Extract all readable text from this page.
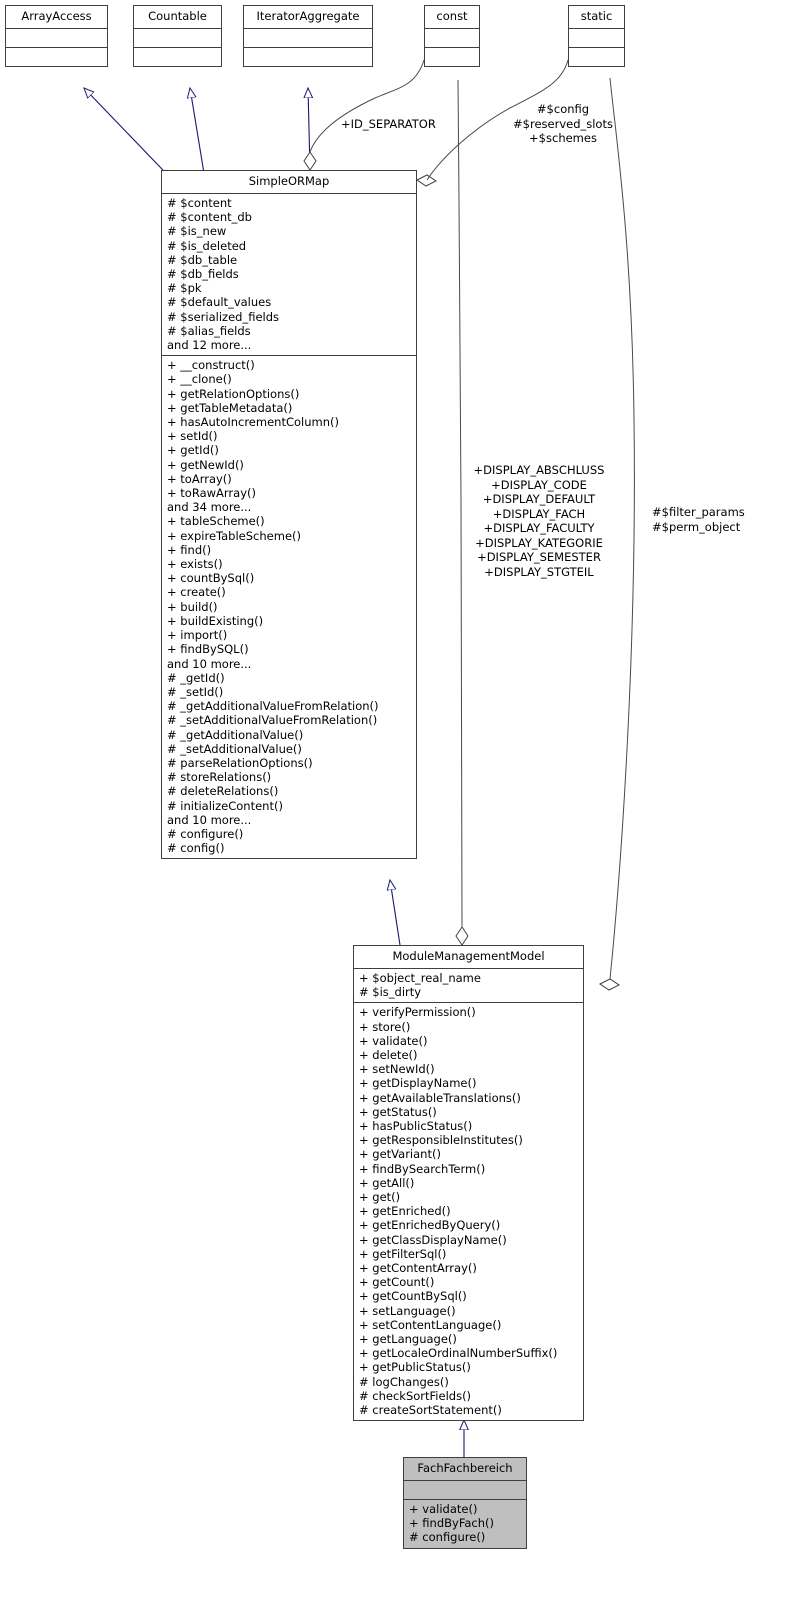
ArrayAccess	Countable	IteratorAggregate	const	static
+ID_SEPARATOR
#$config
#$reserved_slots
+$schemes
+DISPLAY_ABSCHLUSS
+DISPLAY_CODE
+DISPLAY_DEFAULT
+DISPLAY_FACH
+DISPLAY_FACULTY
+DISPLAY_KATEGORIE
+DISPLAY_SEMESTER
+DISPLAY_STGTEIL
#$filter_params
#$perm_object
SimpleORMap
# $content
# $content_db
# $is_new
# $is_deleted
# $db_table
# $db_fields
# $pk
# $default_values
# $serialized_fields
# $alias_fields
and 12 more...
+ __construct()
+ __clone()
+ getRelationOptions()
+ getTableMetadata()
+ hasAutoIncrementColumn()
+ setId()
+ getId()
+ getNewId()
+ toArray()
+ toRawArray()
and 34 more...
+ tableScheme()
+ expireTableScheme()
+ find()
+ exists()
+ countBySql()
+ create()
+ build()
+ buildExisting()
+ import()
+ findBySQL()
and 10 more...
# _getId()
# _setId()
# _getAdditionalValueFromRelation()
# _setAdditionalValueFromRelation()
# _getAdditionalValue()
# _setAdditionalValue()
# parseRelationOptions()
# storeRelations()
# deleteRelations()
# initializeContent()
and 10 more...
# configure()
# config()
ModuleManagementModel
+ $object_real_name
# $is_dirty
+ verifyPermission()
+ store()
+ validate()
+ delete()
+ setNewId()
+ getDisplayName()
+ getAvailableTranslations()
+ getStatus()
+ hasPublicStatus()
+ getResponsibleInstitutes()
+ getVariant()
+ findBySearchTerm()
+ getAll()
+ get()
+ getEnriched()
+ getEnrichedByQuery()
+ getClassDisplayName()
+ getFilterSql()
+ getContentArray()
+ getCount()
+ getCountBySql()
+ setLanguage()
+ setContentLanguage()
+ getLanguage()
+ getLocaleOrdinalNumberSuffix()
+ getPublicStatus()
# logChanges()
# checkSortFields()
# createSortStatement()
FachFachbereich
+ validate()
+ findByFach()
# configure()
